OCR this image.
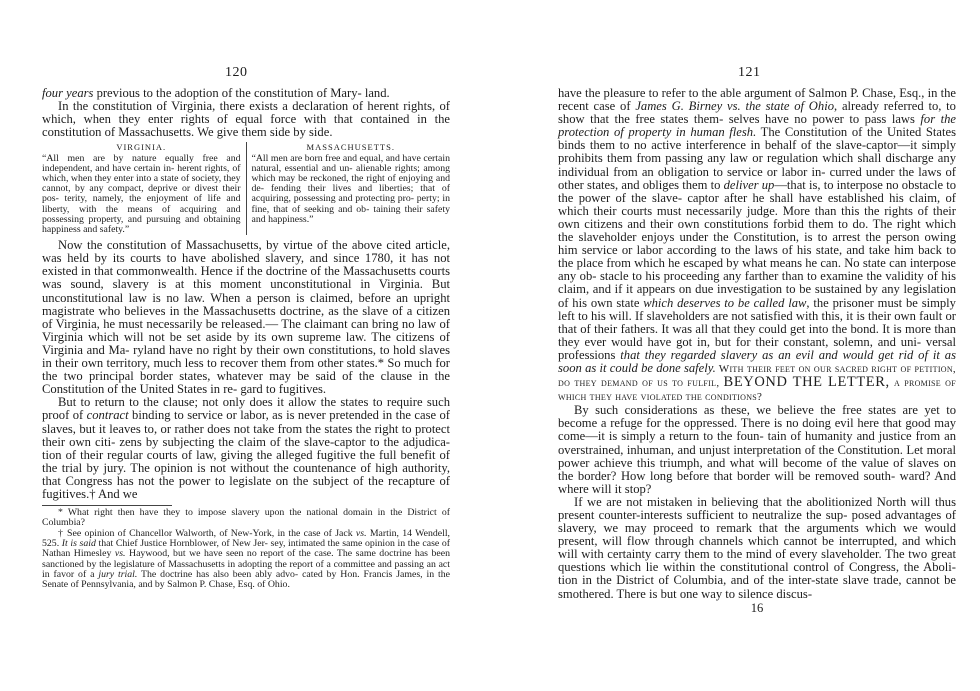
120

four years previous to the adoption of the constitution of Mary- land.

In the constitution of Virginia, there exists a declaration of herent rights, of which, when they enter rights of equal force with that contained in the constitution of Massachusetts. We give them side by side.

VIRGINIA.
“All men are by nature equally free and independent, and have certain in- herent rights, of which, when they enter into a state of society, they cannot, by any compact, deprive or divest their pos- terity, namely, the enjoyment of life and liberty, with the means of acquiring and possessing property, and pursuing and obtaining happiness and safety.”
MASSACHUSETTS.
“All men are born free and equal, and have certain natural, essential and un- alienable rights; among which may be reckoned, the right of enjoying and de- fending their lives and liberties; that of acquiring, possessing and protecting pro- perty; in fine, that of seeking and ob- taining their safety and happiness.”

Now the constitution of Massachusetts, by virtue of the above cited article, was held by its courts to have abolished slavery, and since 1780, it has not existed in that commonwealth. Hence if the doctrine of the Massachusetts courts was sound, slavery is at this moment unconstitutional in Virginia. But unconstitutional law is no law. When a person is claimed, before an upright magistrate who believes in the Massachusetts doctrine, as the slave of a citizen of Virginia, he must necessarily be released.— The claimant can bring no law of Virginia which will not be set aside by its own supreme law. The citizens of Virginia and Ma- ryland have no right by their own constitutions, to hold slaves in their own territory, much less to recover them from other states.* So much for the two principal border states, whatever may be said of the clause in the Constitution of the United States in re- gard to fugitives.

But to return to the clause; not only does it allow the states to require such proof of contract binding to service or labor, as is never pretended in the case of slaves, but it leaves to, or rather does not take from the states the right to protect their own citi- zens by subjecting the claim of the slave-captor to the adjudica- tion of their regular courts of law, giving the alleged fugitive the full benefit of the trial by jury. The opinion is not without the countenance of high authority, that Congress has not the power to legislate on the subject of the recapture of fugitives.† And we

* What right then have they to impose slavery upon the national domain in the District of Columbia?

† See opinion of Chancellor Walworth, of New-York, in the case of Jack vs. Martin, 14 Wendell, 525. It is said that Chief Justice Hornblower, of New Jer- sey, intimated the same opinion in the case of Nathan Himesley vs. Haywood, but we have seen no report of the case. The same doctrine has been sanctioned by the legislature of Massachusetts in adopting the report of a committee and passing an act in favor of a jury trial. The doctrine has also been ably advo- cated by Hon. Francis James, in the Senate of Pennsylvania, and by Salmon P. Chase, Esq. of Ohio.

121

have the pleasure to refer to the able argument of Salmon P. Chase, Esq., in the recent case of James G. Birney vs. the state of Ohio, already referred to, to show that the free states them- selves have no power to pass laws for the protection of property in human flesh. The Constitution of the United States binds them to no active interference in behalf of the slave-captor—it simply prohibits them from passing any law or regulation which shall discharge any individual from an obligation to service or labor in- curred under the laws of other states, and obliges them to deliver up—that is, to interpose no obstacle to the power of the slave- captor after he shall have established his claim, of which their courts must necessarily judge. More than this the rights of their own citizens and their own constitutions forbid them to do. The right which the slaveholder enjoys under the Constitution, is to arrest the person owing him service or labor according to the laws of his state, and take him back to the place from which he escaped by what means he can. No state can interpose any ob- stacle to his proceeding any farther than to examine the validity of his claim, and if it appears on due investigation to be sustained by any legislation of his own state which deserves to be called law, the prisoner must be simply left to his will. If slaveholders are not satisfied with this, it is their own fault or that of their fathers. It was all that they could get into the bond. It is more than they ever would have got in, but for their constant, solemn, and uni- versal professions that they regarded slavery as an evil and would get rid of it as soon as it could be done safely. With their feet on our sacred right of petition, do they demand of us to fulfil, BEYOND THE LETTER, a promise of which they have violated the conditions?

By such considerations as these, we believe the free states are yet to become a refuge for the oppressed. There is no doing evil here that good may come—it is simply a return to the foun- tain of humanity and justice from an overstrained, inhuman, and unjust interpretation of the Constitution. Let moral power achieve this triumph, and what will become of the value of slaves on the border? How long before that border will be removed south- ward? And where will it stop?

If we are not mistaken in believing that the abolitionized North will thus present counter-interests sufficient to neutralize the sup- posed advantages of slavery, we may proceed to remark that the arguments which we would present, will flow through channels which cannot be interrupted, and which will with certainty carry them to the mind of every slaveholder. The two great questions which lie within the constitutional control of Congress, the Aboli- tion in the District of Columbia, and of the inter-state slave trade, cannot be smothered. There is but one way to silence discus-

16
